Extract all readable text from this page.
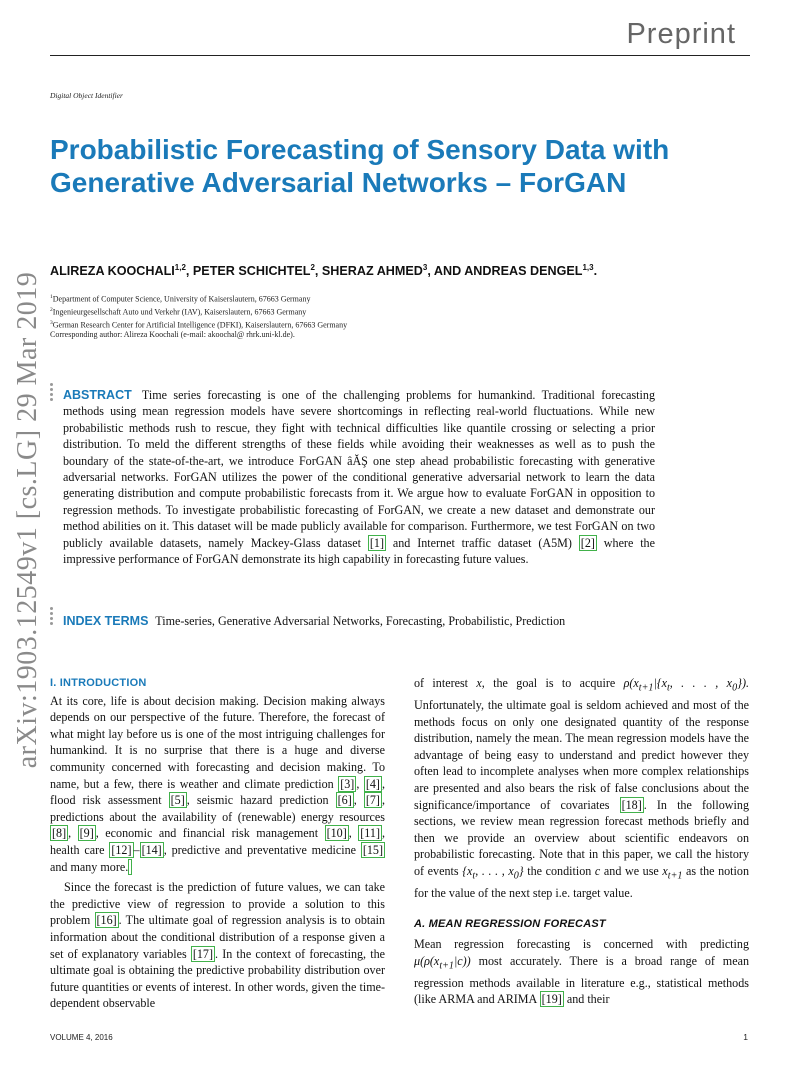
Preprint
Digital Object Identifier
Probabilistic Forecasting of Sensory Data with Generative Adversarial Networks – ForGAN
arXiv:1903.12549v1 [cs.LG] 29 Mar 2019
ALIREZA KOOCHALI$^{1,2}$, PETER SCHICHTEL$^2$, SHERAZ AHMED$^3$, AND ANDREAS DENGEL$^{1,3}$.
$^1$Department of Computer Science, University of Kaiserslautern, 67663 Germany
$^2$Ingenieurgesellschaft Auto und Verkehr (IAV), Kaiserslautern, 67663 Germany
$^3$German Research Center for Artificial Intelligence (DFKI), Kaiserslautern, 67663 Germany
Corresponding author: Alireza Koochali (e-mail: akoochal@ rhrk.uni-kl.de).
ABSTRACT Time series forecasting is one of the challenging problems for humankind. Traditional forecasting methods using mean regression models have severe shortcomings in reflecting real-world fluctuations. While new probabilistic methods rush to rescue, they fight with technical difficulties like quantile crossing or selecting a prior distribution. To meld the different strengths of these fields while avoiding their weaknesses as well as to push the boundary of the state-of-the-art, we introduce ForGAN âĂŞ one step ahead probabilistic forecasting with generative adversarial networks. ForGAN utilizes the power of the conditional generative adversarial network to learn the data generating distribution and compute probabilistic forecasts from it. We argue how to evaluate ForGAN in opposition to regression methods. To investigate probabilistic forecasting of ForGAN, we create a new dataset and demonstrate our method abilities on it. This dataset will be made publicly available for comparison. Furthermore, we test ForGAN on two publicly available datasets, namely Mackey-Glass dataset [1] and Internet traffic dataset (A5M) [2] where the impressive performance of ForGAN demonstrate its high capability in forecasting future values.
INDEX TERMS Time-series, Generative Adversarial Networks, Forecasting, Probabilistic, Prediction
I. INTRODUCTION

At its core, life is about decision making. Decision making always depends on our perspective of the future. Therefore, the forecast of what might lay before us is one of the most intriguing challenges for humankind. It is no surprise that there is a huge and diverse community concerned with forecasting and decision making. To name, but a few, there is weather and climate prediction [3] , [4] , flood risk assessment [5] , seismic hazard prediction [6] , [7] , predictions about the availability of (renewable) energy resources [8] , [9] , economic and financial risk management [10] , [11] , health care [12] – [14] , predictive and preventative medicine [15] and many more.

Since the forecast is the prediction of future values, we can take the predictive view of regression to provide a solution to this problem [16] . The ultimate goal of regression analysis is to obtain information about the conditional distribution of a response given a set of explanatory variables [17] . In the context of forecasting, the ultimate goal is obtaining the predictive probability distribution over future quantities or events of interest. In other words, given the time-dependent observable

of interest x, the goal is to acquire $\rho(x_{t+1}|\{x_t$, . . . , $x_0$}). Unfortunately, the ultimate goal is seldom achieved and most of the methods focus on only one designated quantity of the response distribution, namely the mean. The mean regression models have the advantage of being easy to understand and predict however they often lead to incomplete analyses when more complex relationships are presented and also bears the risk of false conclusions about the significance/importance of covariates [18] . In the following sections, we review mean regression forecast methods briefly and then we provide an overview about scientific endeavors on probabilistic forecasting. Note that in this paper, we call the history of events {$x_t$, . . . , $x_0$} the condition c and we use $x_{t+1}$ as the notion for the value of the next step i.e. target value.

A. MEAN REGRESSION FORECAST

Mean regression forecasting is concerned with predicting $\mu(\rho(x_{t+1}|c))$ most accurately. There is a broad range of mean regression methods available in literature e.g., statistical methods (like ARMA and ARIMA [19] and their

VOLUME 4, 2016	1
